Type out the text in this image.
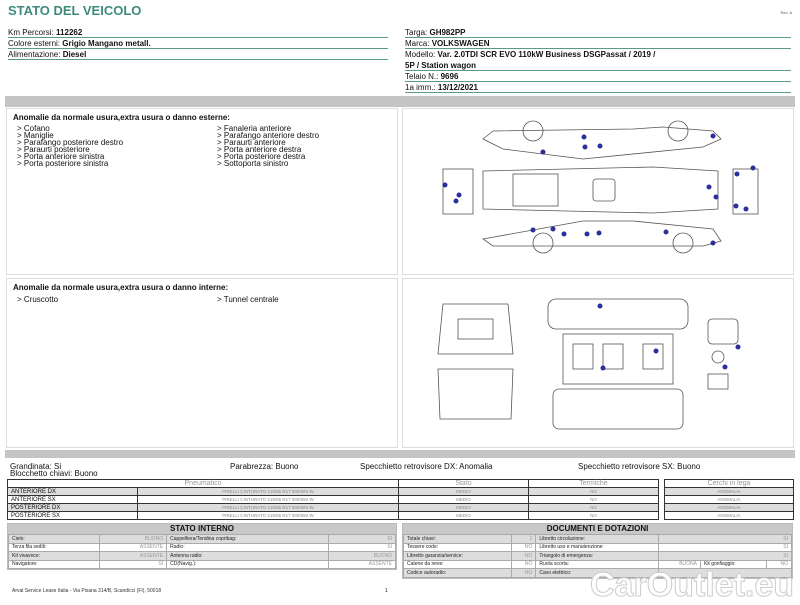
STATO DEL VEICOLO	Rev. A
Km Percorsi: 112262
Colore esterni: Grigio Mangano metall.
Alimentazione: Diesel
Targa: GH982PP
Marca: VOLKSWAGEN
Modello: Var. 2.0TDI SCR EVO 110kW Business DSGPassat / 2019 /
5P / Station wagon
Telaio N.: 9696
1a imm.: 13/12/2021
Anomalie da normale usura,extra usura o danno esterne:
> Cofano	> Fanaleria anteriore
> Maniglie	> Parafango anteriore destro
> Parafango posteriore destro	> Paraurti anteriore
> Paraurti posteriore	> Porta anteriore destra
> Porta anteriore sinistra	> Porta posteriore destra
> Porta posteriore sinistra	> Sottoporta sinistro
Anomalie da normale usura,extra usura o danno interne:
> Cruscotto	> Tunnel centrale
Grandinata: Si	Parabrezza: Buono	Specchietto retrovisore DX: Anomalia	Specchietto retrovisore SX: Buono
Blocchetto chiavi: Buono
Pneumatico		Stato	Termiche
ANTERIORE DX	PIRELLI CINTURATO 215/55 R17 000/094 W	MEDIO	NO
ANTERIORE SX	PIRELLI CINTURATO 215/55 R17 000/094 W	MEDIO	NO
POSTERIORE DX	PIRELLI CINTURATO 215/55 R17 000/094 W	MEDIO	NO
POSTERIORE SX	PIRELLI CINTURATO 215/55 R17 000/094 W	MEDIO	NO
Cerchi in lega
ANOMALIA
ANOMALIA
ANOMALIA
ANOMALIA
STATO INTERNO
Cielo:	BUONO	Cappelliera/Tendina copribag:	SI
Terza fila sedili:	ASSENTE	Radio:	SI
Kit vivavoce:	ASSENTE	Antenna radio:	BUONO
Navigatore:	SI	CD(Navig.):	ASSENTE
DOCUMENTI E DOTAZIONI
Totale chiavi:	2	Libretto circolazione:	SI		
Tessere code:	NO	Libretto uso e manutenzione:	SI		
Libretto garanzia/service:	NO	Triangolo di emergenza:	SI		
Catene da neve:	NO	Ruota scorta:	BUONA	Kit gonfiaggio:	NO
Codice autoradio:	NO	Cavo elettrico:			CarOutlet.eu
Arval Service Lease Italia - Via Pisana 314/B, Scandicci (FI), 50018	1
